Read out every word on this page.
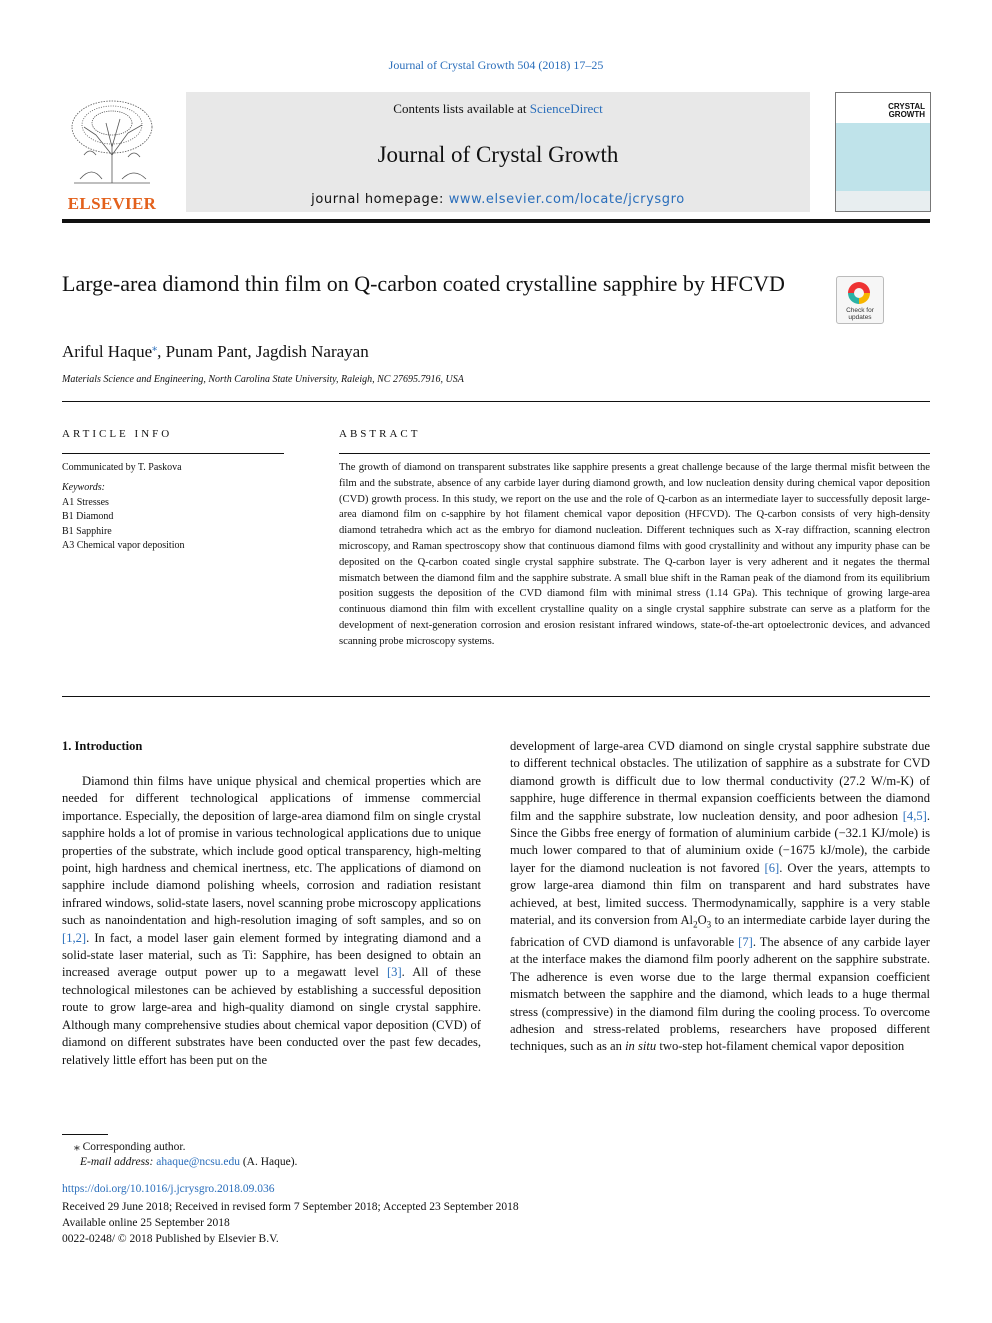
Journal of Crystal Growth 504 (2018) 17–25
ELSEVIER
Contents lists available at ScienceDirect
Journal of Crystal Growth
journal homepage: www.elsevier.com/locate/jcrysgro
CRYSTAL
GROWTH
Large-area diamond thin film on Q-carbon coated crystalline sapphire by HFCVD
Check for
updates
Ariful Haque⁎, Punam Pant, Jagdish Narayan
Materials Science and Engineering, North Carolina State University, Raleigh, NC 27695.7916, USA
ARTICLE INFO
Communicated by T. Paskova
Keywords:
A1 Stresses
B1 Diamond
B1 Sapphire
A3 Chemical vapor deposition
ABSTRACT
The growth of diamond on transparent substrates like sapphire presents a great challenge because of the large thermal misfit between the film and the substrate, absence of any carbide layer during diamond growth, and low nucleation density during chemical vapor deposition (CVD) growth process. In this study, we report on the use and the role of Q-carbon as an intermediate layer to successfully deposit large-area diamond film on c-sapphire by hot filament chemical vapor deposition (HFCVD). The Q-carbon consists of very high-density diamond tetrahedra which act as the embryo for diamond nucleation. Different techniques such as X-ray diffraction, scanning electron microscopy, and Raman spectroscopy show that continuous diamond films with good crystallinity and without any impurity phase can be deposited on the Q-carbon coated single crystal sapphire substrate. The Q-carbon layer is very adherent and it negates the thermal mismatch between the diamond film and the sapphire substrate. A small blue shift in the Raman peak of the diamond from its equilibrium position suggests the deposition of the CVD diamond film with minimal stress (1.14 GPa). This technique of growing large-area continuous diamond thin film with excellent crystalline quality on a single crystal sapphire substrate can serve as a platform for the development of next-generation corrosion and erosion resistant infrared windows, state-of-the-art optoelectronic devices, and advanced scanning probe microscopy systems.
1. Introduction
Diamond thin films have unique physical and chemical properties which are needed for different technological applications of immense commercial importance. Especially, the deposition of large-area diamond film on single crystal sapphire holds a lot of promise in various technological applications due to unique properties of the substrate, which include good optical transparency, high-melting point, high hardness and chemical inertness, etc. The applications of diamond on sapphire include diamond polishing wheels, corrosion and radiation resistant infrared windows, solid-state lasers, novel scanning probe microscopy applications such as nanoindentation and high-resolution imaging of soft samples, and so on [1,2]. In fact, a model laser gain element formed by integrating diamond and a solid-state laser material, such as Ti: Sapphire, has been designed to obtain an increased average output power up to a megawatt level [3]. All of these technological milestones can be achieved by establishing a successful deposition route to grow large-area and high-quality diamond on single crystal sapphire. Although many comprehensive studies about chemical vapor deposition (CVD) of diamond on different substrates have been conducted over the past few decades, relatively little effort has been put on the
development of large-area CVD diamond on single crystal sapphire substrate due to different technical obstacles. The utilization of sapphire as a substrate for CVD diamond growth is difficult due to low thermal conductivity (27.2 W/m-K) of sapphire, huge difference in thermal expansion coefficients between the diamond film and the sapphire substrate, low nucleation density, and poor adhesion [4,5]. Since the Gibbs free energy of formation of aluminium carbide (−32.1 KJ/mole) is much lower compared to that of aluminium oxide (−1675 kJ/mole), the carbide layer for the diamond nucleation is not favored [6]. Over the years, attempts to grow large-area diamond thin film on transparent and hard substrates have achieved, at best, limited success. Thermodynamically, sapphire is a very stable material, and its conversion from $Al_2O_3$ to an intermediate carbide layer during the fabrication of CVD diamond is unfavorable [7]. The absence of any carbide layer at the interface makes the diamond film poorly adherent on the sapphire substrate. The adherence is even worse due to the large thermal expansion coefficient mismatch between the sapphire and the diamond, which leads to a huge thermal stress (compressive) in the diamond film during the cooling process. To overcome adhesion and stress-related problems, researchers have proposed different techniques, such as an in situ two-step hot-filament chemical vapor deposition
⁎ Corresponding author.
E-mail address: ahaque@ncsu.edu (A. Haque).
https://doi.org/10.1016/j.jcrysgro.2018.09.036
Received 29 June 2018; Received in revised form 7 September 2018; Accepted 23 September 2018
Available online 25 September 2018
0022-0248/ © 2018 Published by Elsevier B.V.
